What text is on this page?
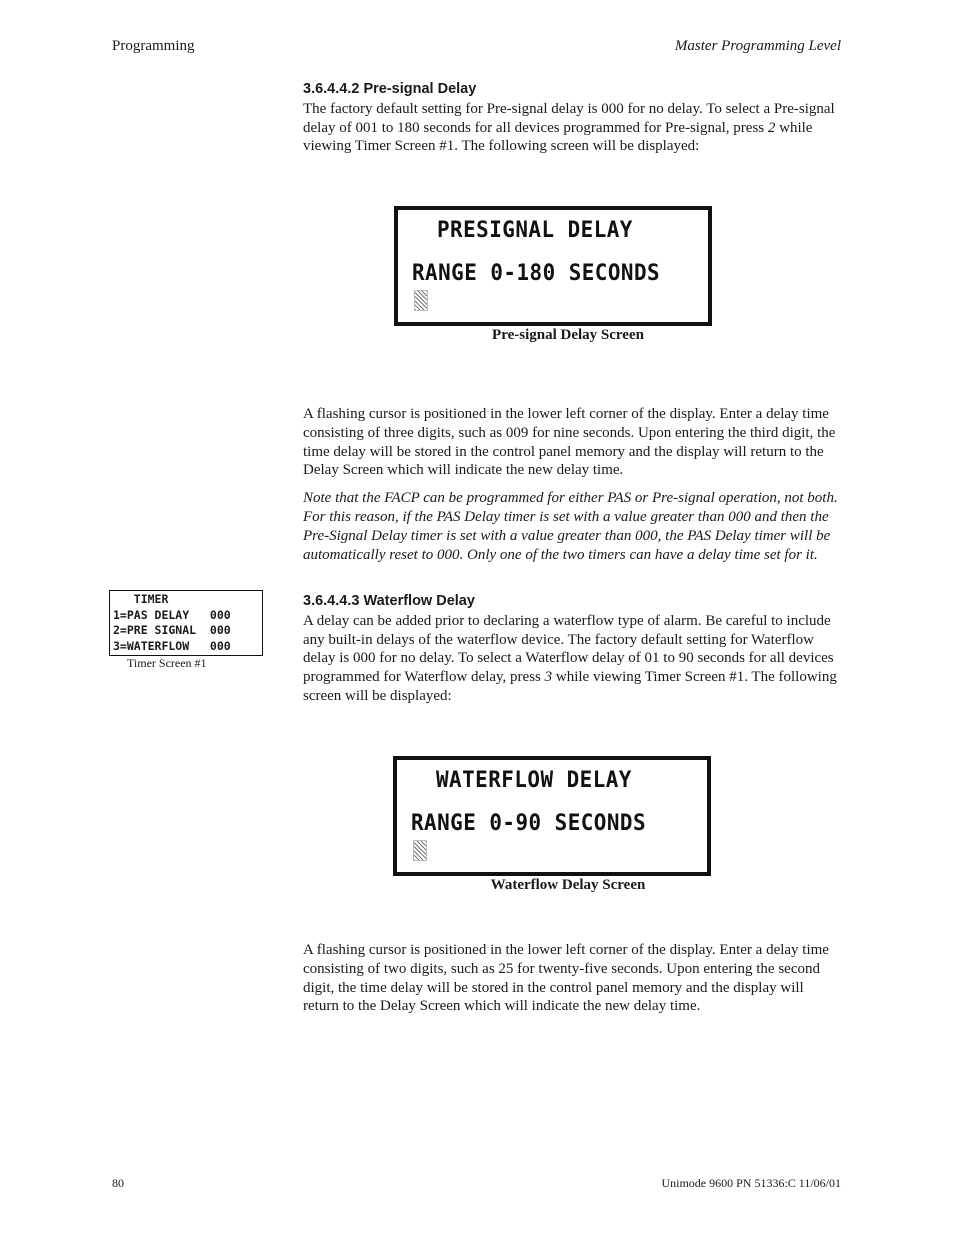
Programming	Master Programming Level
3.6.4.4.2 Pre-signal Delay

The factory default setting for Pre-signal delay is 000 for no delay. To select a Pre-signal delay of 001 to 180 seconds for all devices programmed for Pre-signal, press 2 while viewing Timer Screen #1. The following screen will be displayed:

PRESIGNAL DELAY
RANGE 0-180 SECONDS
Pre-signal Delay Screen

A flashing cursor is positioned in the lower left corner of the display. Enter a delay time consisting of three digits, such as 009 for nine seconds. Upon entering the third digit, the time delay will be stored in the control panel memory and the display will return to the Delay Screen which will indicate the new delay time.

Note that the FACP can be programmed for either PAS or Pre-signal operation, not both. For this reason, if the PAS Delay timer is set with a value greater than 000 and then the Pre-Signal Delay timer is set with a value greater than 000, the PAS Delay timer will be automatically reset to 000. Only one of the two timers can have a delay time set for it.

TIMER
1=PAS DELAY   000
2=PRE SIGNAL  000
3=WATERFLOW   000
Timer Screen #1
3.6.4.4.3 Waterflow Delay

A delay can be added prior to declaring a waterflow type of alarm. Be careful to include any built-in delays of the waterflow device. The factory default setting for Waterflow delay is 000 for no delay. To select a Waterflow delay of 01 to 90 seconds for all devices programmed for Waterflow delay, press 3 while viewing Timer Screen #1. The following screen will be displayed:

WATERFLOW DELAY
RANGE 0-90 SECONDS
Waterflow Delay Screen

A flashing cursor is positioned in the lower left corner of the display. Enter a delay time consisting of two digits, such as 25 for twenty-five seconds. Upon entering the second digit, the time delay will be stored in the control panel memory and the display will return to the Delay Screen which will indicate the new delay time.

80	Unimode 9600 PN 51336:C 11/06/01
